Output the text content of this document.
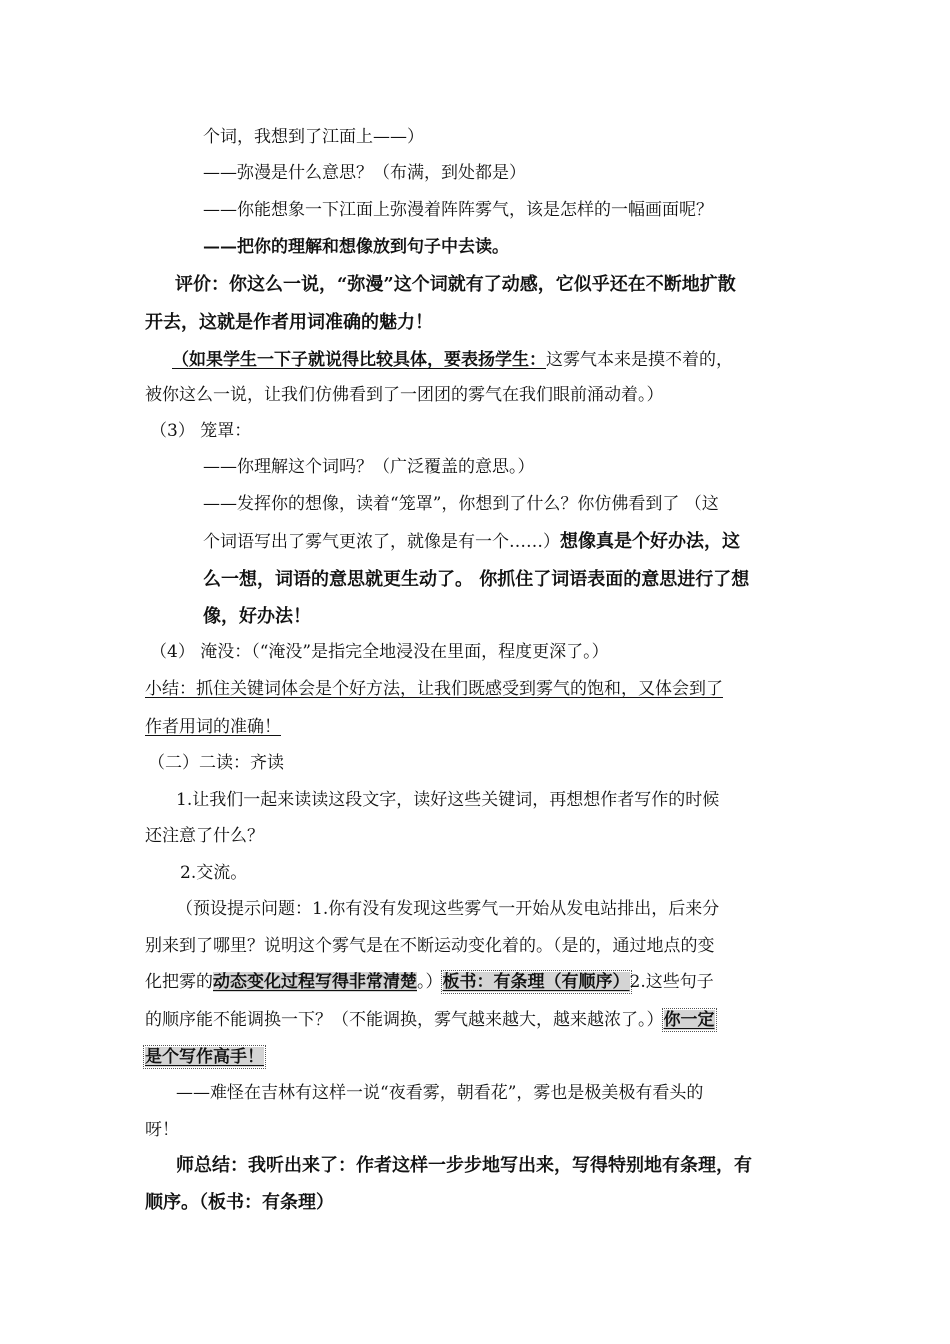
个词，我想到了江面上——）
——弥漫是什么意思？（布满，到处都是）
——你能想象一下江面上弥漫着阵阵雾气，该是怎样的一幅画面呢？
——把你的理解和想像放到句子中去读。
评价：你这么一说，“弥漫”这个词就有了动感，它似乎还在不断地扩散
开去，这就是作者用词准确的魅力！
（如果学生一下子就说得比较具体，要表扬学生：这雾气本来是摸不着的，
被你这么一说，让我们仿佛看到了一团团的雾气在我们眼前涌动着。）
（3） 笼罩：
——你理解这个词吗？（广泛覆盖的意思。）
——发挥你的想像，读着“笼罩”，你想到了什么？你仿佛看到了 （这
个词语写出了雾气更浓了，就像是有一个……）想像真是个好办法，这
么一想，词语的意思就更生动了。 你抓住了词语表面的意思进行了想
像，好办法！
（4） 淹没：（“淹没”是指完全地浸没在里面，程度更深了。）
小结：抓住关键词体会是个好方法，让我们既感受到雾气的饱和，又体会到了
作者用词的准确！
（二）二读：齐读
1.让我们一起来读读这段文字，读好这些关键词，再想想作者写作的时候
还注意了什么？
2.交流。
（预设提示问题：1.你有没有发现这些雾气一开始从发电站排出，后来分
别来到了哪里？说明这个雾气是在不断运动变化着的。（是的，通过地点的变
化把雾的动态变化过程写得非常清楚。）板书：有条理（有顺序）2.这些句子
的顺序能不能调换一下？（不能调换，雾气越来越大，越来越浓了。）你一定
是个写作高手！
——难怪在吉林有这样一说“夜看雾，朝看花”，雾也是极美极有看头的
呀！
师总结：我听出来了：作者这样一步步地写出来，写得特别地有条理，有
顺序。（板书：有条理）
